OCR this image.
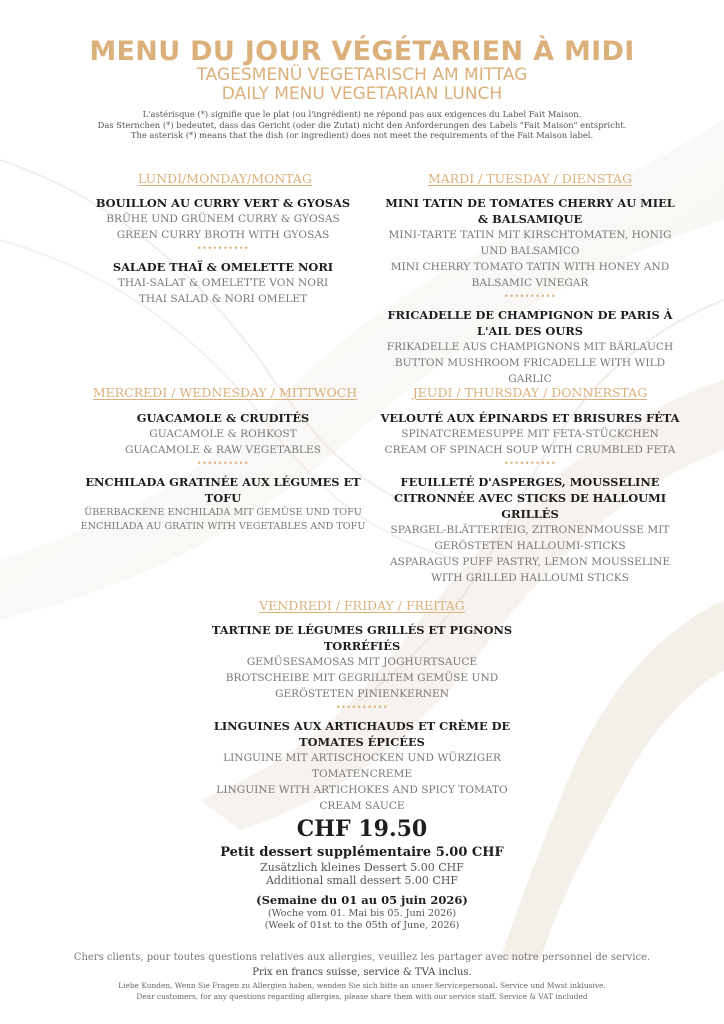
MENU DU JOUR VÉGÉTARIEN À MIDI
TAGESMENÜ VEGETARISCH AM MITTAG
DAILY MENU VEGETARIAN LUNCH
L'astérisque (*) signifie que le plat (ou l'ingrédient) ne répond pas aux exigences du Label Fait Maison.
Das Sternchen (*) bedeutet, dass das Gericht (oder die Zutat) nicht den Anforderungen des Labels "Fait Maison" entspricht.
The asterisk (*) means that the dish (or ingredient) does not meet the requirements of the Fait Maison label.
LUNDI/MONDAY/MONTAG
BOUILLON AU CURRY VERT & GYOSAS
BRÜHE UND GRÜNEM CURRY & GYOSAS
GREEN CURRY BROTH WITH GYOSAS
••••••••••
SALADE THAÏ & OMELETTE NORI
THAI-SALAT & OMELETTE VON NORI
THAI SALAD & NORI OMELET
MARDI / TUESDAY / DIENSTAG
MINI TATIN DE TOMATES CHERRY AU MIEL & BALSAMIQUE
MINI-TARTE TATIN MIT KIRSCHTOMATEN, HONIG UND BALSAMICO
MINI CHERRY TOMATO TATIN WITH HONEY AND BALSAMIC VINEGAR
••••••••••
FRICADELLE DE CHAMPIGNON DE PARIS À L'AIL DES OURS
FRIKADELLE AUS CHAMPIGNONS MIT BÄRLAUCH
BUTTON MUSHROOM FRICADELLE WITH WILD GARLIC
MERCREDI / WEDNESDAY / MITTWOCH
GUACAMOLE & CRUDITÉS
GUACAMOLE & ROHKOST
GUACAMOLE & RAW VEGETABLES
••••••••••
ENCHILADA GRATINÉE AUX LÉGUMES ET TOFU
ÜBERBACKENE ENCHILADA MIT GEMÜSE UND TOFU
ENCHILADA AU GRATIN WITH VEGETABLES AND TOFU
JEUDI / THURSDAY / DONNERSTAG
VELOUTÉ AUX ÉPINARDS ET BRISURES FÉTA
SPINATCREMESUPPE MIT FETA-STÜCKCHEN
CREAM OF SPINACH SOUP WITH CRUMBLED FETA
••••••••••
FEUILLETÉ D'ASPERGES, MOUSSELINE CITRONNÉE AVEC STICKS DE HALLOUMI GRILLÉS
SPARGEL-BLÄTTERTEIG, ZITRONENMOUSSE MIT GERÖSTETEN HALLOUMI-STICKS
ASPARAGUS PUFF PASTRY, LEMON MOUSSELINE WITH GRILLED HALLOUMI STICKS
VENDREDI / FRIDAY / FREITAG
TARTINE DE LÉGUMES GRILLÉS ET PIGNONS TORRÉFIÉS
GEMÜSESAMOSAS MIT JOGHURTSAUCE
BROTSCHEIBE MIT GEGRILLTEM GEMÜSE UND GERÖSTETEN PINIENKERNEN
••••••••••
LINGUINES AUX ARTICHAUDS ET CRÈME DE TOMATES ÉPICÉES
LINGUINE MIT ARTISCHOCKEN UND WÜRZIGER TOMATENCREME
LINGUINE WITH ARTICHOKES AND SPICY TOMATO CREAM SAUCE
CHF 19.50
Petit dessert supplémentaire 5.00 CHF
Zusätzlich kleines Dessert 5.00 CHF
Additional small dessert 5.00 CHF
(Semaine du 01 au 05 juin 2026)
(Woche vom 01. Mai bis 05. Juni 2026)
(Week of 01st to the 05th of June, 2026)
Chers clients, pour toutes questions relatives aux allergies, veuillez les partager avec notre personnel de service.
Prix en francs suisse, service & TVA inclus.
Liebe Kunden, Wenn Sie Fragen zu Allergien haben, wenden Sie sich bitte an unser Servicepersonal. Service und Mwst inklusive.
Dear customers, for any questions regarding allergies, please share them with our service staff. Service & VAT included
